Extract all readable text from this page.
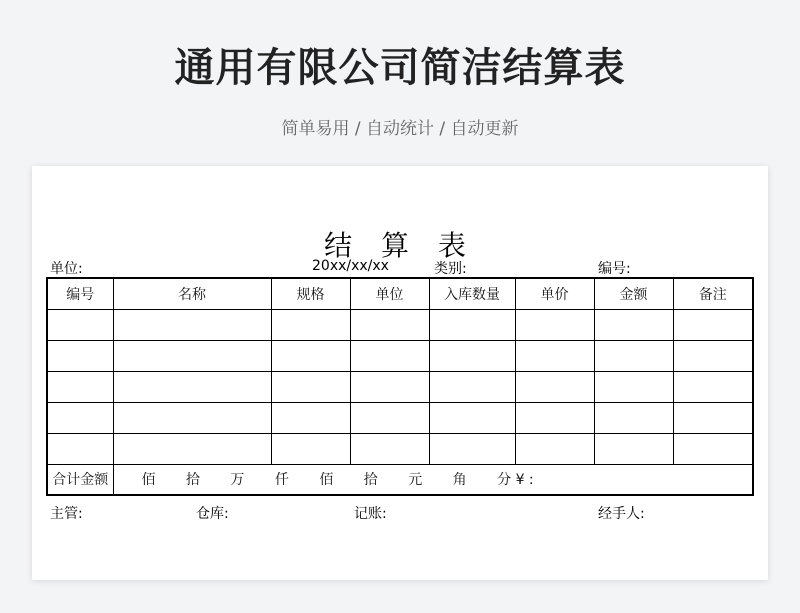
通用有限公司简洁结算表
简单易用 / 自动统计 / 自动更新
结 算 表
单位:	20xx/xx/xx	类别:	编号:
编号	名称	规格	单位	入库数量	单价	金额	备注

合计金额	佰 拾 万 仟 佰 拾 元 角 分 ¥ :						
主管:	仓库:	记账:	经手人:
